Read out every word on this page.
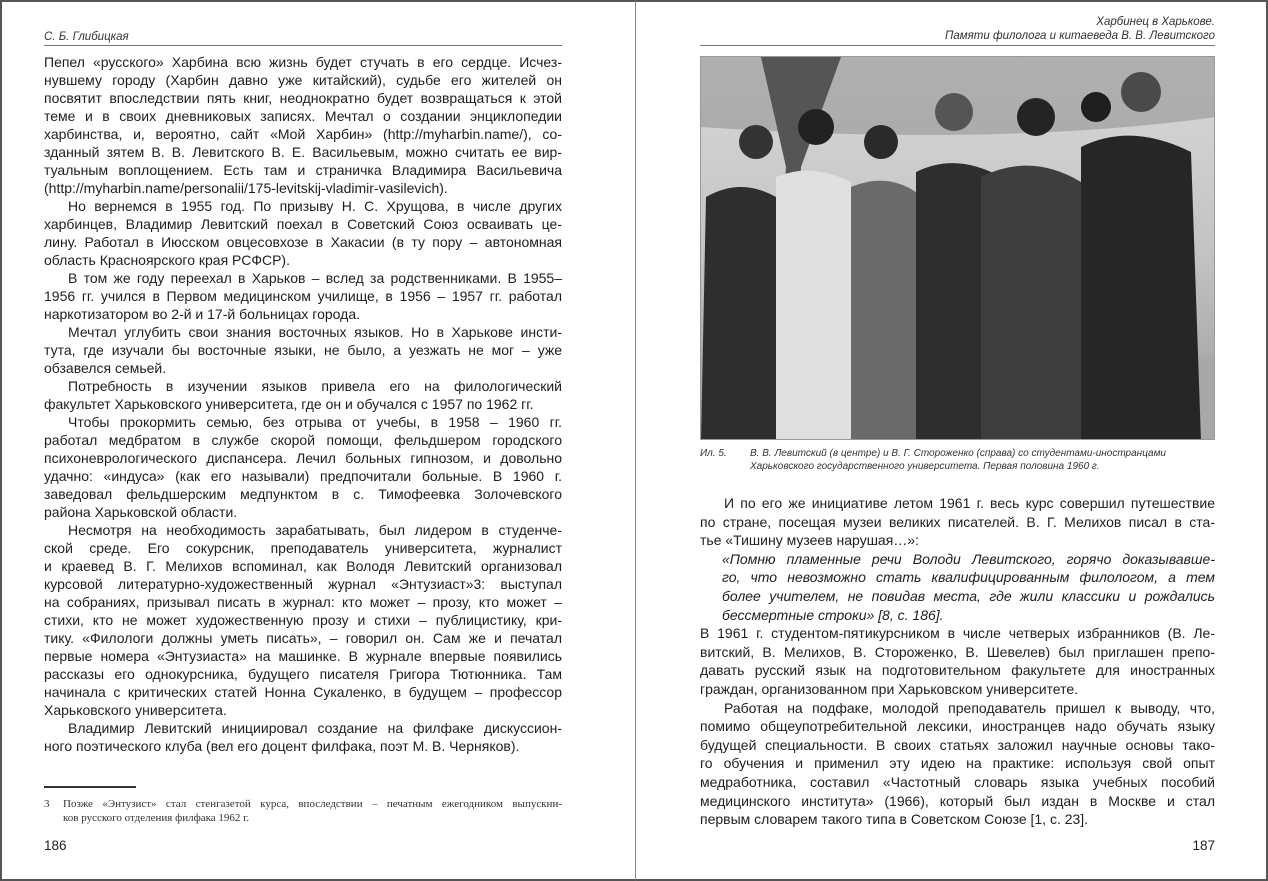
С. Б. Глибицкая
Пепел «русского» Харбина всю жизнь будет стучать в его сердце. Исчез-
нувшему городу (Харбин давно уже китайский), судьбе его жителей он
посвятит впоследствии пять книг, неоднократно будет возвращаться к этой
теме и в своих дневниковых записях. Мечтал о создании энциклопедии
харбинства, и, вероятно, сайт «Мой Харбин» (http://myharbin.name/), со-
зданный зятем В. В. Левитского В. Е. Васильевым, можно считать ее вир-
туальным воплощением. Есть там и страничка Владимира Васильевича
(http://myharbin.name/personalii/175-levitskij-vladimir-vasilevich).
Но вернемся в 1955 год. По призыву Н. С. Хрущова, в числе других
харбинцев, Владимир Левитский поехал в Советский Союз осваивать це-
лину. Работал в Июсском овцесовхозе в Хакасии (в ту пору – автономная
область Красноярского края РСФСР).
В том же году переехал в Харьков – вслед за родственниками. В 1955–
1956 гг. учился в Первом медицинском училище, в 1956 – 1957 гг. работал
наркотизатором во 2-й и 17-й больницах города.
Мечтал углубить свои знания восточных языков. Но в Харькове инсти-
тута, где изучали бы восточные языки, не было, а уезжать не мог – уже
обзавелся семьей.
Потребность в изучении языков привела его на филологический
факультет Харьковского университета, где он и обучался с 1957 по 1962 гг.
Чтобы прокормить семью, без отрыва от учебы, в 1958 – 1960 гг.
работал медбратом в службе скорой помощи, фельдшером городского
психоневрологического диспансера. Лечил больных гипнозом, и довольно
удачно: «индуса» (как его называли) предпочитали больные. В 1960 г.
заведовал фельдшерским медпунктом в с. Тимофеевка Золочевского
района Харьковской области.
Несмотря на необходимость зарабатывать, был лидером в студенче-
ской среде. Его сокурсник, преподаватель университета, журналист
и краевед В. Г. Мелихов вспоминал, как Володя Левитский организовал
курсовой литературно-художественный журнал «Энтузиаст»3: выступал
на собраниях, призывал писать в журнал: кто может – прозу, кто может –
стихи, кто не может художественную прозу и стихи – публицистику, кри-
тику. «Филологи должны уметь писать», – говорил он. Сам же и печатал
первые номера «Энтузиаста» на машинке. В журнале впервые появились
рассказы его однокурсника, будущего писателя Григора Тютюнника. Там
начинала с критических статей Нонна Сукаленко, в будущем – профессор
Харьковского университета.
Владимир Левитский инициировал создание на филфаке дискуссион-
ного поэтического клуба (вел его доцент филфака, поэт М. В. Черняков).
3 Позже «Энтузист» стал стенгазетой курса, впоследствии – печатным ежегодником выпускни-
ков русского отделения филфака 1962 г.
186
Харбинец в Харькове.
Памяти филолога и китаеведа В. В. Левитского
Ил. 5. В. В. Левитский (в центре) и В. Г. Стороженко (справа) со студентами-иностранцами
Харьковского государственного университета. Первая половина 1960 г.
И по его же инициативе летом 1961 г. весь курс совершил путешествие
по стране, посещая музеи великих писателей. В. Г. Мелихов писал в ста-
тье «Тишину музеев нарушая…»:
«Помню пламенные речи Володи Левитского, горячо доказывавше-
го, что невозможно стать квалифицированным филологом, а тем
более учителем, не повидав места, где жили классики и рождались
бессмертные строки» [8, с. 186].
В 1961 г. студентом-пятикурсником в числе четверых избранников (В. Ле-
витский, В. Мелихов, В. Стороженко, В. Шевелев) был приглашен препо-
давать русский язык на подготовительном факультете для иностранных
граждан, организованном при Харьковском университете.
Работая на подфаке, молодой преподаватель пришел к выводу, что,
помимо общеупотребительной лексики, иностранцев надо обучать языку
будущей специальности. В своих статьях заложил научные основы тако-
го обучения и применил эту идею на практике: используя свой опыт
медработника, составил «Частотный словарь языка учебных пособий
медицинского института» (1966), который был издан в Москве и стал
первым словарем такого типа в Советском Союзе [1, с. 23].
187
